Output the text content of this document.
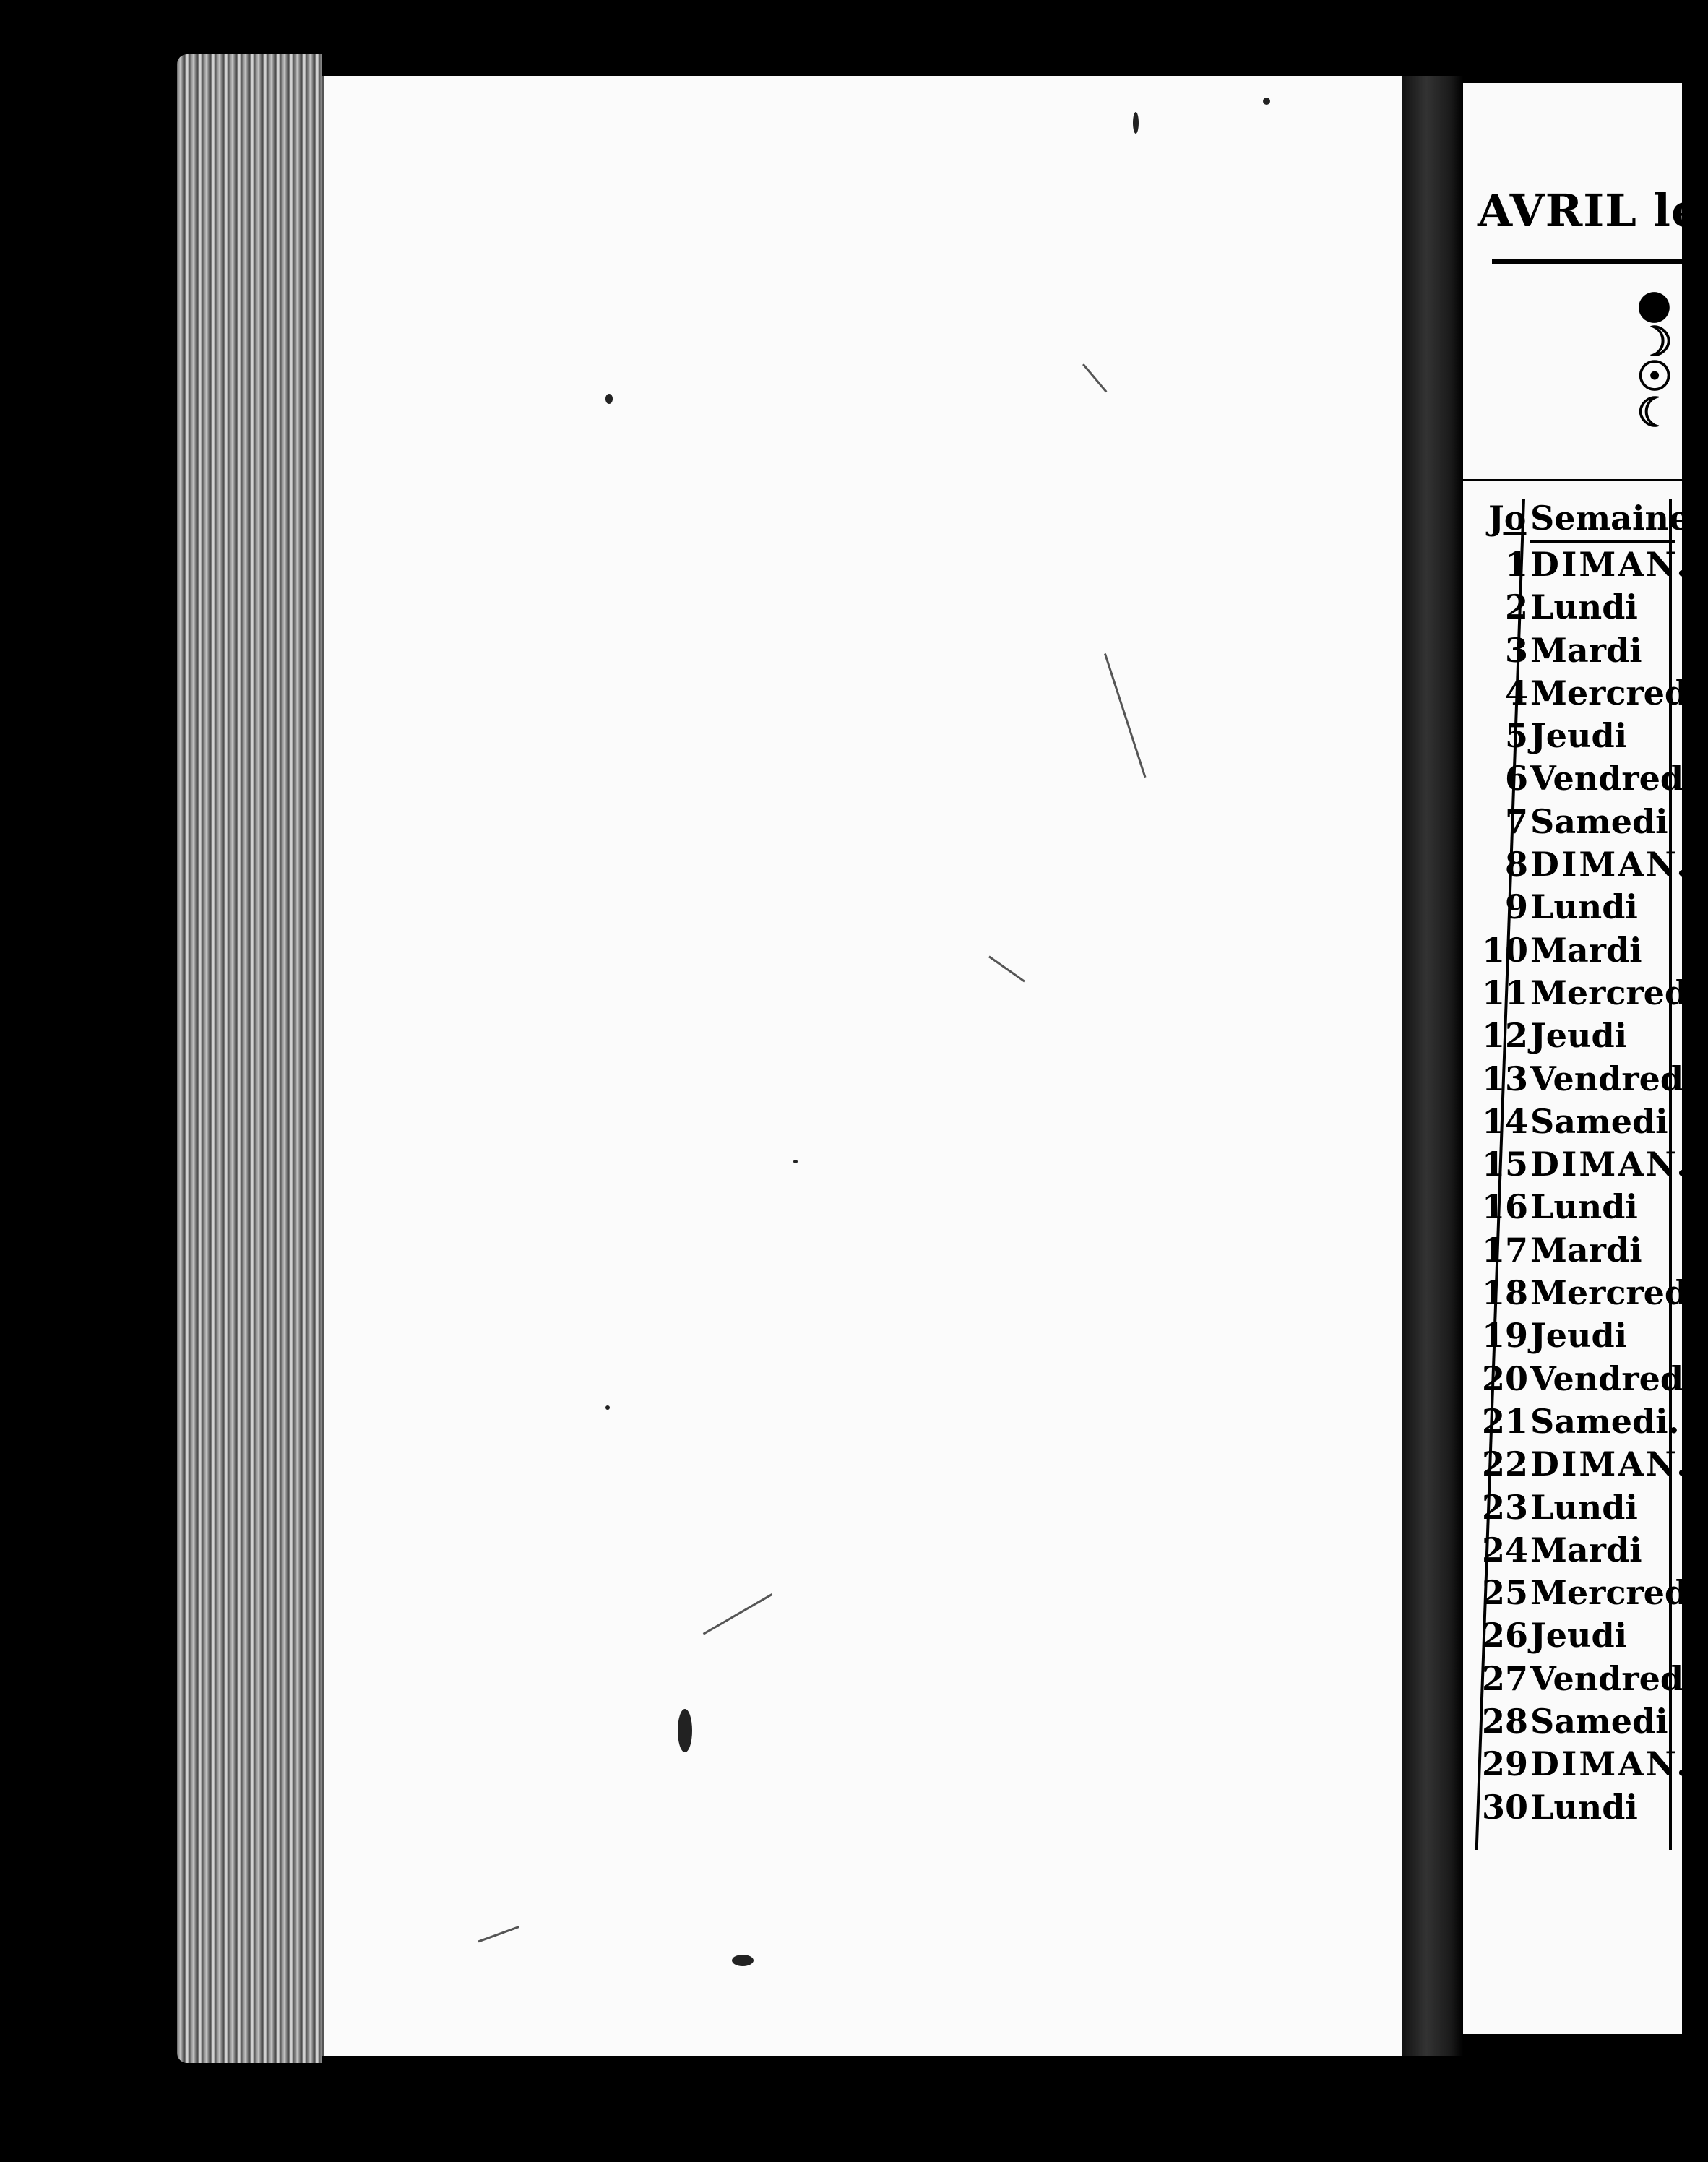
AVRIL le
●
☽
☉
☾
Jo Semaine.
1 DIMAN.
2 Lundi
3 Mardi
4 Mercredi
5 Jeudi
6 Vendredi
7 Samedi
8 DIMAN.
9 Lundi
10 Mardi
11 Mercredi
12 Jeudi
13 Vendredi.
14 Samedi
15 DIMAN.
16 Lundi
17 Mardi
18 Mercredi
19 Jeudi
20 Vendredi.
21 Samedi.
22 DIMAN.
23 Lundi
24 Mardi
25 Mercredi
26 Jeudi
27 Vendredi
28 Samedi
29 DIMAN.
30 Lundi
